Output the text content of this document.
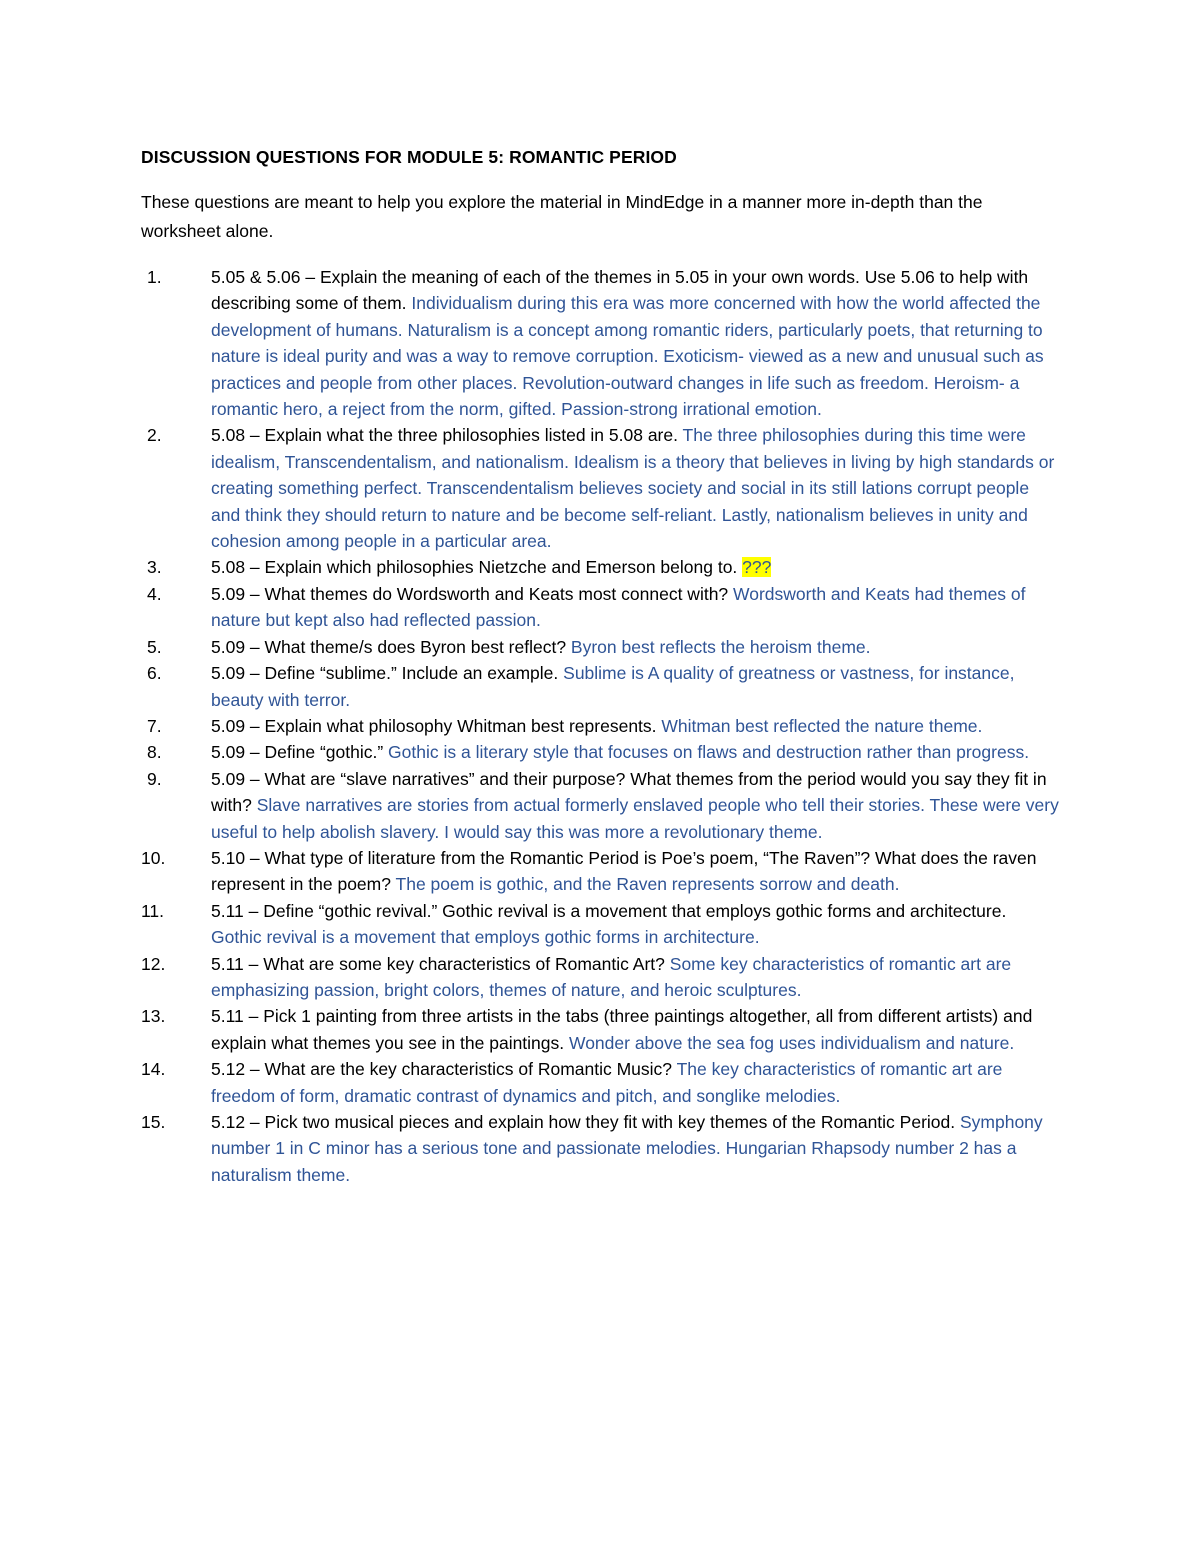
DISCUSSION QUESTIONS FOR MODULE 5: ROMANTIC PERIOD
These questions are meant to help you explore the material in MindEdge in a manner more in-depth than the worksheet alone.
1.	5.05 & 5.06 – Explain the meaning of each of the themes in 5.05 in your own words. Use 5.06 to help with describing some of them. Individualism during this era was more concerned with how the world affected the development of humans. Naturalism is a concept among romantic riders, particularly poets, that returning to nature is ideal purity and was a way to remove corruption. Exoticism- viewed as a new and unusual such as practices and people from other places. Revolution-outward changes in life such as freedom. Heroism- a romantic hero, a reject from the norm, gifted. Passion-strong irrational emotion.
2.	5.08 – Explain what the three philosophies listed in 5.08 are. The three philosophies during this time were idealism, Transcendentalism, and nationalism. Idealism is a theory that believes in living by high standards or creating something perfect. Transcendentalism believes society and social in its still lations corrupt people and think they should return to nature and be become self-reliant. Lastly, nationalism believes in unity and cohesion among people in a particular area.
3.	5.08 – Explain which philosophies Nietzche and Emerson belong to. ???
4.	5.09 – What themes do Wordsworth and Keats most connect with? Wordsworth and Keats had themes of nature but kept also had reflected passion.
5.	5.09 – What theme/s does Byron best reflect? Byron best reflects the heroism theme.
6.	5.09 – Define “sublime.” Include an example. Sublime is A quality of greatness or vastness, for instance, beauty with terror.
7.	5.09 – Explain what philosophy Whitman best represents. Whitman best reflected the nature theme.
8.	5.09 – Define “gothic.” Gothic is a literary style that focuses on flaws and destruction rather than progress.
9.	5.09 – What are “slave narratives” and their purpose? What themes from the period would you say they fit in with? Slave narratives are stories from actual formerly enslaved people who tell their stories. These were very useful to help abolish slavery. I would say this was more a revolutionary theme.
10.	5.10 – What type of literature from the Romantic Period is Poe’s poem, “The Raven”? What does the raven represent in the poem? The poem is gothic, and the Raven represents sorrow and death.
11.	5.11 – Define “gothic revival.” Gothic revival is a movement that employs gothic forms and architecture. Gothic revival is a movement that employs gothic forms in architecture.
12.	5.11 – What are some key characteristics of Romantic Art? Some key characteristics of romantic art are emphasizing passion, bright colors, themes of nature, and heroic sculptures.
13.	5.11 – Pick 1 painting from three artists in the tabs (three paintings altogether, all from different artists) and explain what themes you see in the paintings. Wonder above the sea fog uses individualism and nature.
14.	5.12 – What are the key characteristics of Romantic Music? The key characteristics of romantic art are freedom of form, dramatic contrast of dynamics and pitch, and songlike melodies.
15.	5.12 – Pick two musical pieces and explain how they fit with key themes of the Romantic Period. Symphony number 1 in C minor has a serious tone and passionate melodies. Hungarian Rhapsody number 2 has a naturalism theme.
